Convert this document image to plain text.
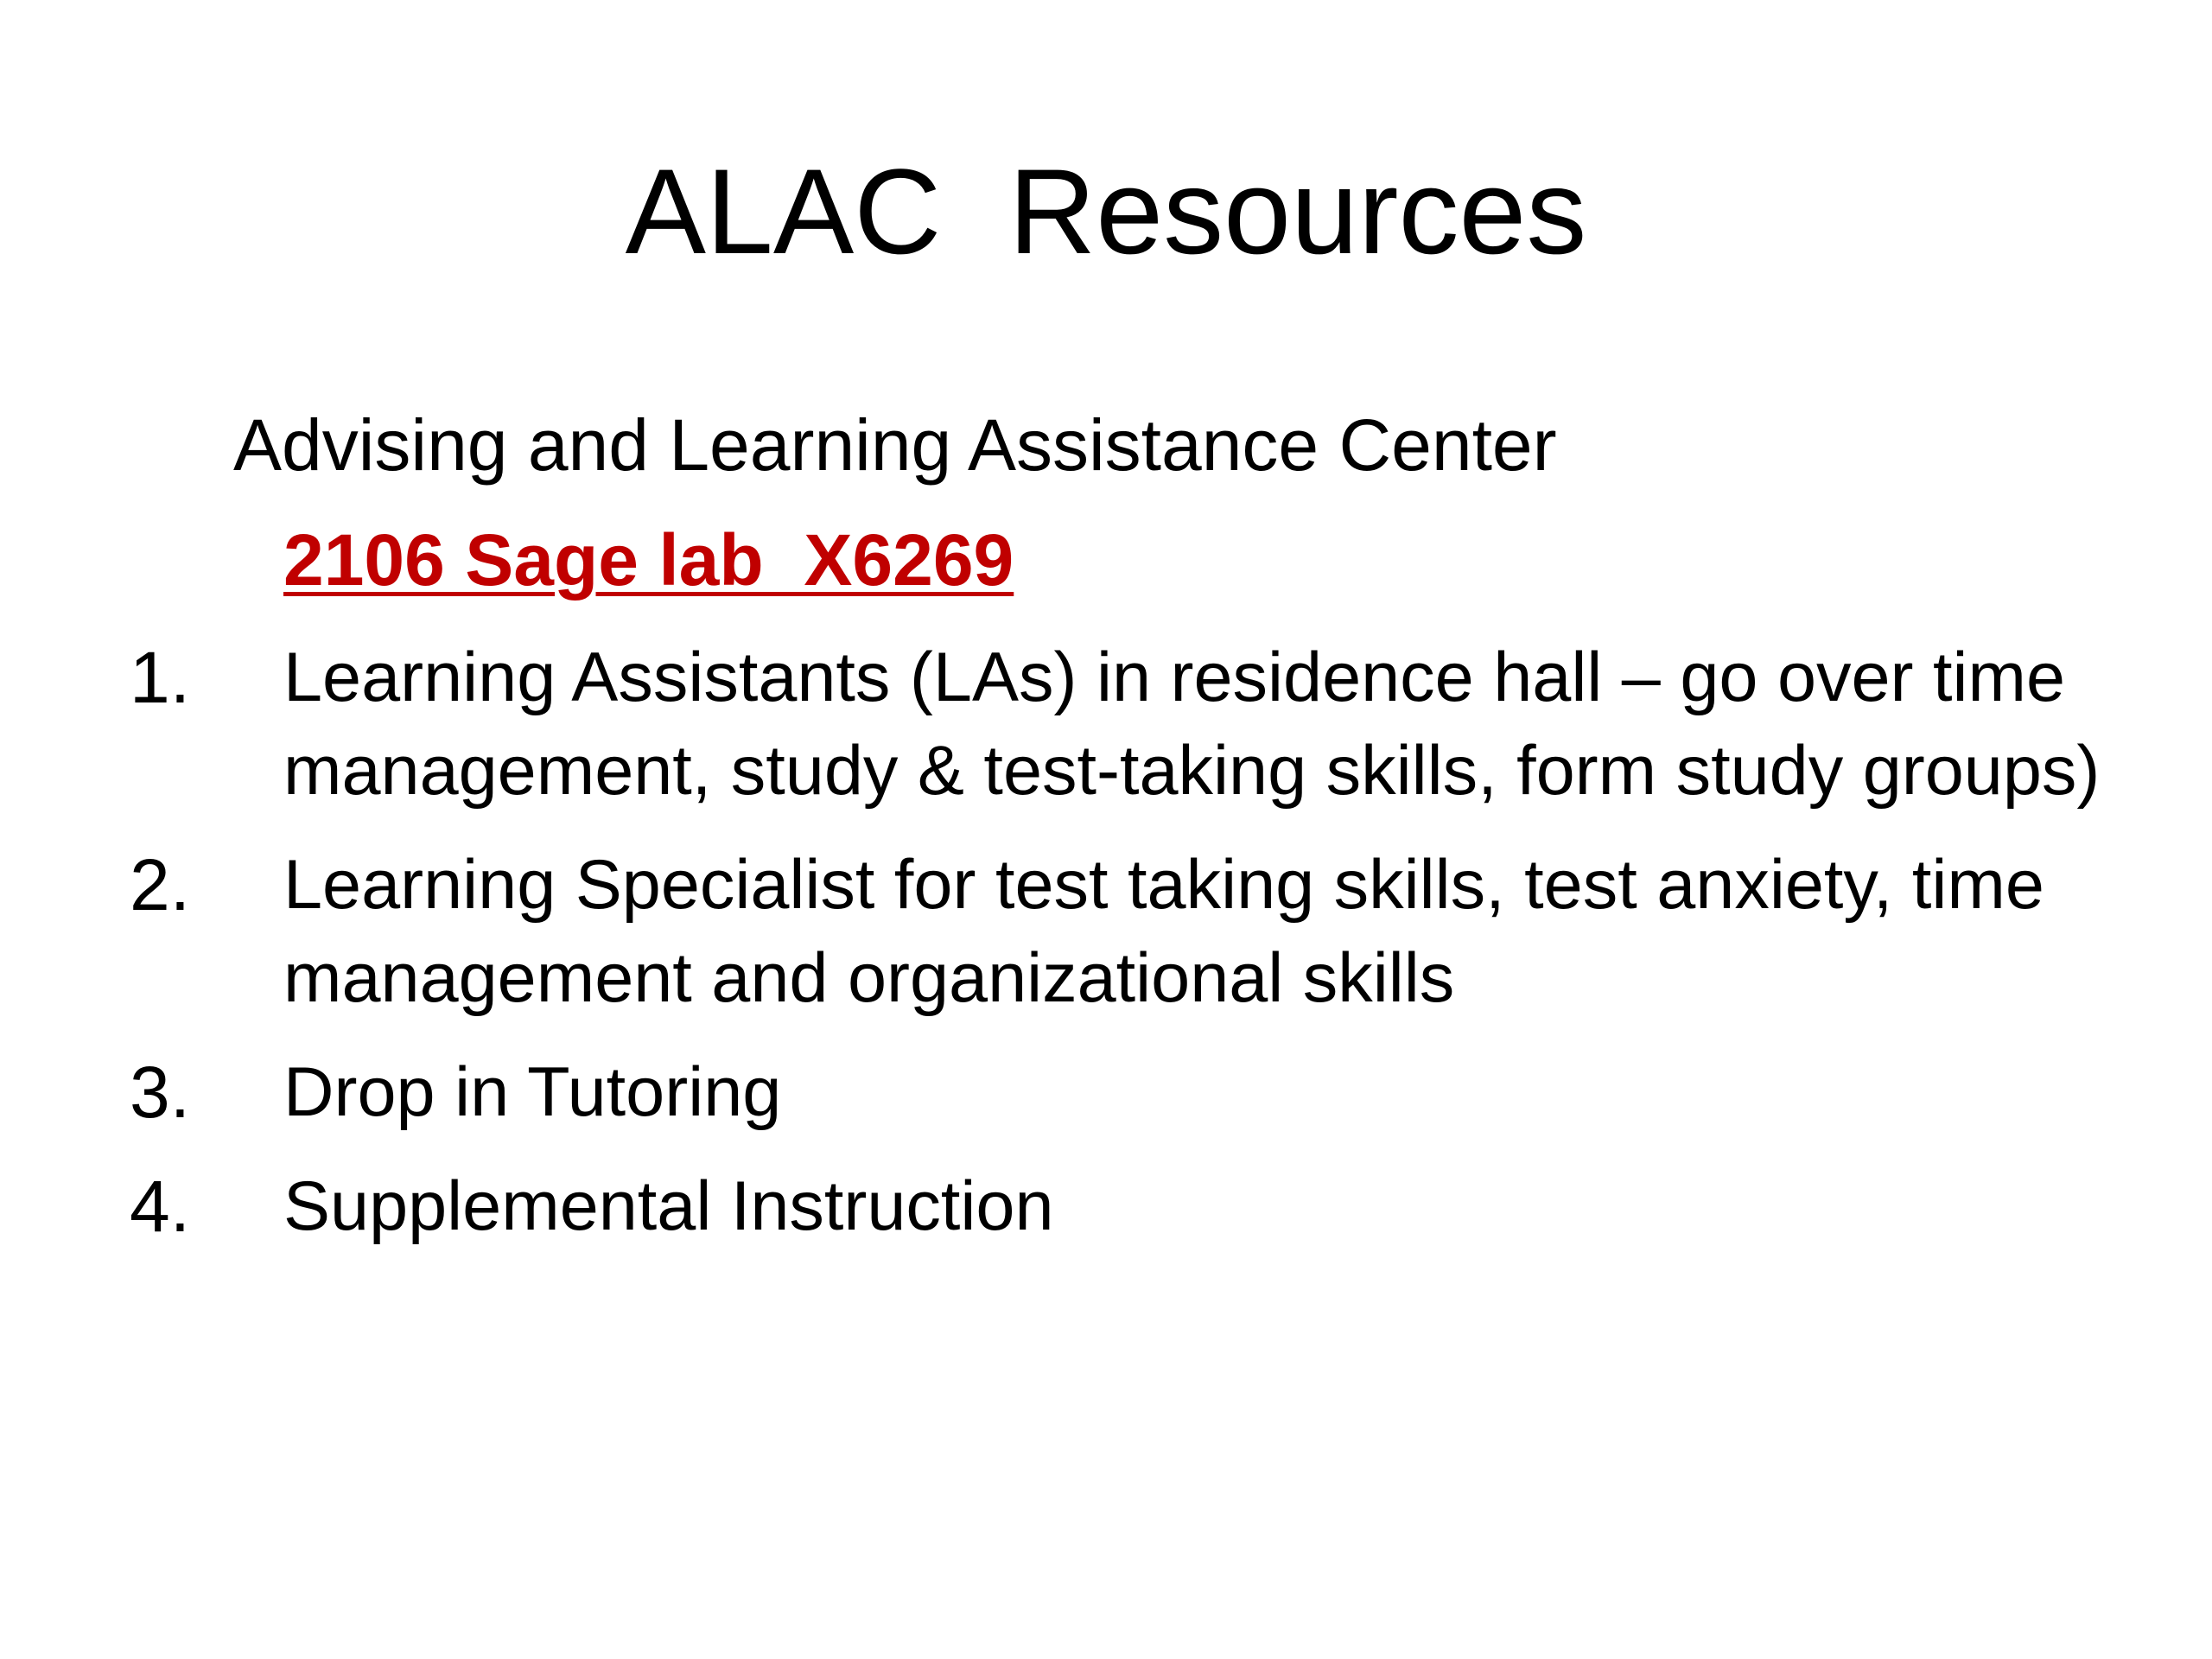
ALAC  Resources
Advising and Learning Assistance Center
2106 Sage lab  X6269
1.	Learning Assistants (LAs) in residence hall – go over time management, study & test-taking skills, form study groups)
2.	Learning Specialist for test taking skills, test anxiety, time management and organizational skills
3.	Drop in Tutoring
4.	Supplemental Instruction
